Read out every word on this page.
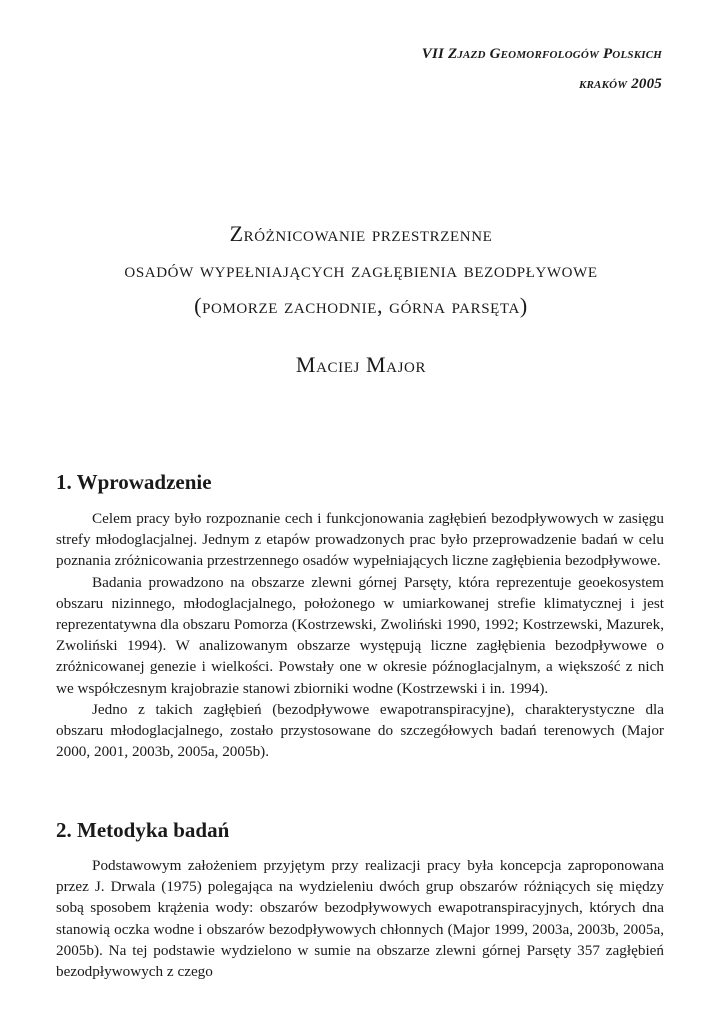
VII Zjazd Geomorfologów Polskich
kraków 2005
Zróżnicowanie przestrzenne
osadów wypełniających zagłębienia bezodpływowe
(pomorze zachodnie, górna parsęta)
Maciej Major
1. Wprowadzenie

Celem pracy było rozpoznanie cech i funkcjonowania zagłębień bezodpływowych w zasięgu strefy młodoglacjalnej. Jednym z etapów prowadzonych prac było przeprowadzenie badań w celu poznania zróżnicowania przestrzennego osadów wypełniających liczne zagłębienia bezodpływowe.

Badania prowadzono na obszarze zlewni górnej Parsęty, która reprezentuje geoekosystem obszaru nizinnego, młodoglacjalnego, położonego w umiarkowanej strefie klimatycznej i jest reprezentatywna dla obszaru Pomorza (Kostrzewski, Zwoliński 1990, 1992; Kostrzewski, Mazurek, Zwoliński 1994). W analizowanym obszarze występują liczne zagłębienia bezodpływowe o zróżnicowanej genezie i wielkości. Powstały one w okresie późnoglacjalnym, a większość z nich we współczesnym krajobrazie stanowi zbiorniki wodne (Kostrzewski i in. 1994).

Jedno z takich zagłębień (bezodpływowe ewapotranspiracyjne), charakterystyczne dla obszaru młodoglacjalnego, zostało przystosowane do szczegółowych badań terenowych (Major 2000, 2001, 2003b, 2005a, 2005b).

2. Metodyka badań

Podstawowym założeniem przyjętym przy realizacji pracy była koncepcja zaproponowana przez J. Drwala (1975) polegająca na wydzieleniu dwóch grup obszarów różniących się między sobą sposobem krążenia wody: obszarów bezodpływowych ewapotranspiracyjnych, których dna stanowią oczka wodne i obszarów bezodpływowych chłonnych (Major 1999, 2003a, 2003b, 2005a, 2005b). Na tej podstawie wydzielono w sumie na obszarze zlewni górnej Parsęty 357 zagłębień bezodpływowych z czego
